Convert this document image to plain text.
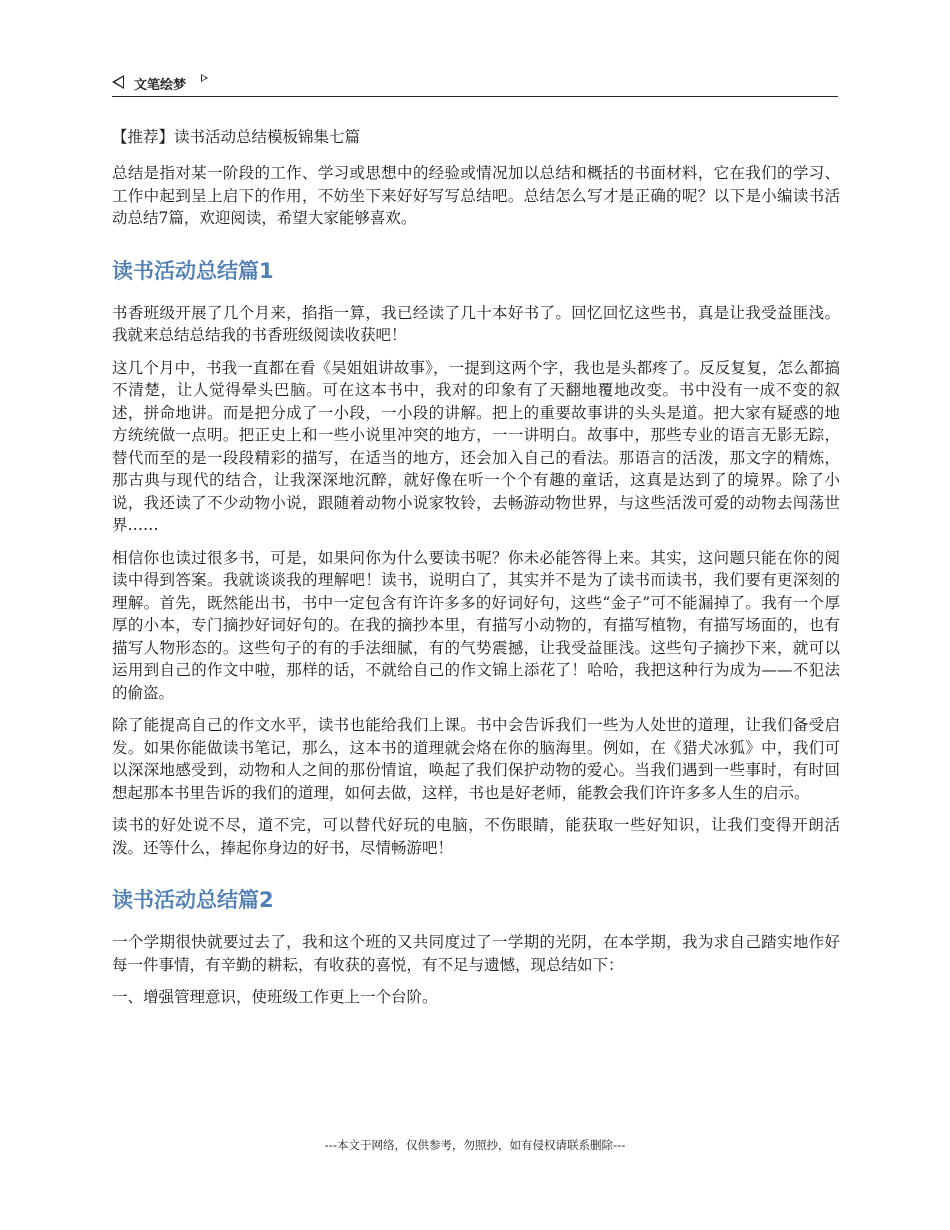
文笔绘梦
【推荐】读书活动总结模板锦集七篇

总结是指对某一阶段的工作、学习或思想中的经验或情况加以总结和概括的书面材料，它在我们的学习、工作中起到呈上启下的作用，不妨坐下来好好写写总结吧。总结怎么写才是正确的呢？以下是小编读书活动总结7篇，欢迎阅读，希望大家能够喜欢。

读书活动总结篇1

书香班级开展了几个月来，掐指一算，我已经读了几十本好书了。回忆回忆这些书，真是让我受益匪浅。我就来总结总结我的书香班级阅读收获吧！

这几个月中，书我一直都在看《吴姐姐讲故事》，一提到这两个字，我也是头都疼了。反反复复，怎么都搞不清楚，让人觉得晕头巴脑。可在这本书中，我对的印象有了天翻地覆地改变。书中没有一成不变的叙述，拼命地讲。而是把分成了一小段，一小段的讲解。把上的重要故事讲的头头是道。把大家有疑惑的地方统统做一点明。把正史上和一些小说里冲突的地方，一一讲明白。故事中，那些专业的语言无影无踪，替代而至的是一段段精彩的描写，在适当的地方，还会加入自己的看法。那语言的活泼，那文字的精炼，那古典与现代的结合，让我深深地沉醉，就好像在听一个个有趣的童话，这真是达到了的境界。除了小说，我还读了不少动物小说，跟随着动物小说家牧铃，去畅游动物世界，与这些活泼可爱的动物去闯荡世界……

相信你也读过很多书，可是，如果问你为什么要读书呢？你未必能答得上来。其实，这问题只能在你的阅读中得到答案。我就谈谈我的理解吧！读书，说明白了，其实并不是为了读书而读书，我们要有更深刻的理解。首先，既然能出书，书中一定包含有许许多多的好词好句，这些“金子”可不能漏掉了。我有一个厚厚的小本，专门摘抄好词好句的。在我的摘抄本里，有描写小动物的，有描写植物，有描写场面的，也有描写人物形态的。这些句子的有的手法细腻，有的气势震撼，让我受益匪浅。这些句子摘抄下来，就可以运用到自己的作文中啦，那样的话，不就给自己的作文锦上添花了！哈哈，我把这种行为成为——不犯法的偷盗。

除了能提高自己的作文水平，读书也能给我们上课。书中会告诉我们一些为人处世的道理，让我们备受启发。如果你能做读书笔记，那么，这本书的道理就会烙在你的脑海里。例如，在《猎犬冰狐》中，我们可以深深地感受到，动物和人之间的那份情谊，唤起了我们保护动物的爱心。当我们遇到一些事时，有时回想起那本书里告诉的我们的道理，如何去做，这样，书也是好老师，能教会我们许许多多人生的启示。

读书的好处说不尽，道不完，可以替代好玩的电脑，不伤眼睛，能获取一些好知识，让我们变得开朗活泼。还等什么，捧起你身边的好书，尽情畅游吧！

读书活动总结篇2

一个学期很快就要过去了，我和这个班的又共同度过了一学期的光阴，在本学期，我为求自己踏实地作好每一件事情，有辛勤的耕耘，有收获的喜悦，有不足与遗憾，现总结如下：

一、增强管理意识，使班级工作更上一个台阶。

---本文于网络，仅供参考，勿照抄，如有侵权请联系删除---
